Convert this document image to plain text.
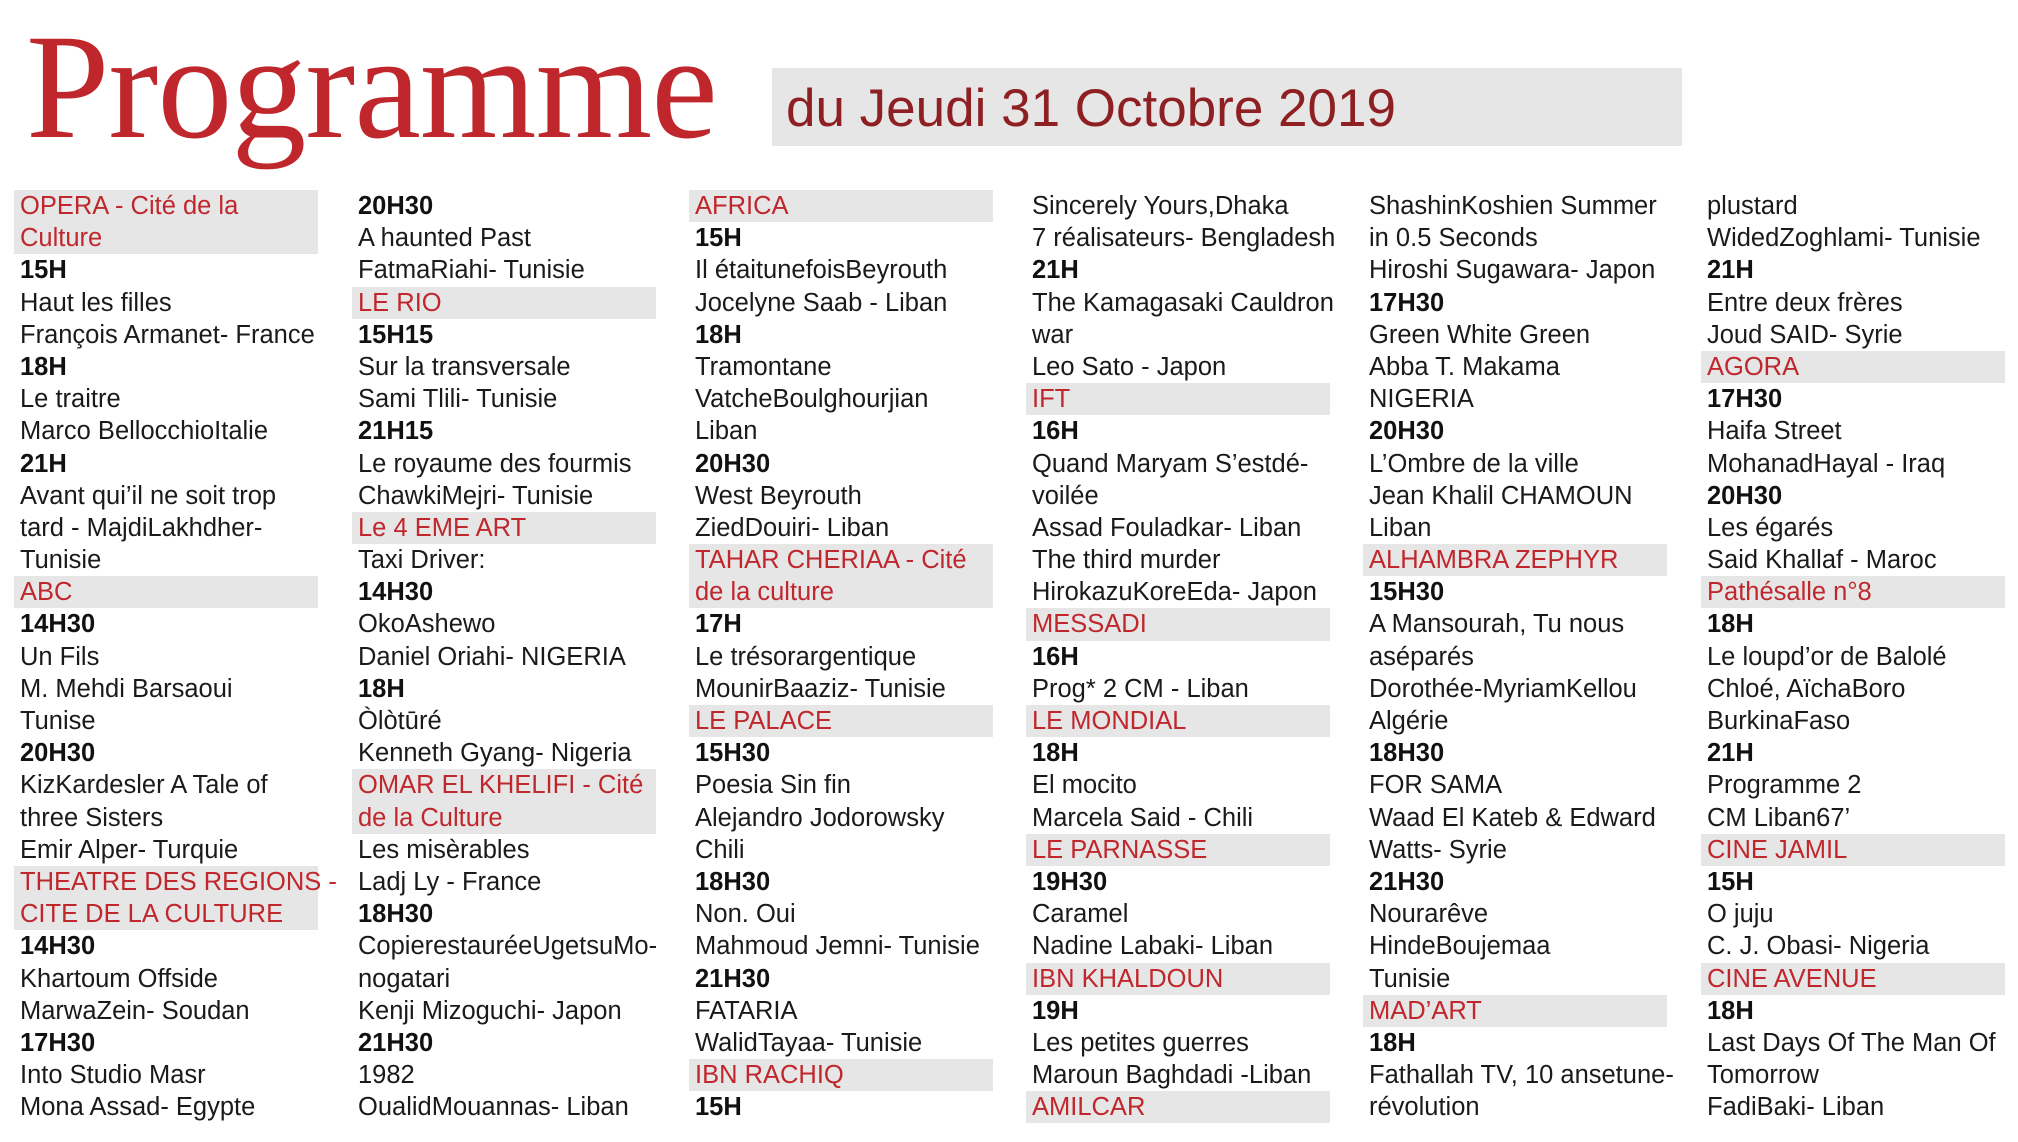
Programme du Jeudi 31 Octobre 2019
OPERA - Cité de la
Culture
15H
Haut les filles
François Armanet- France
18H
Le traitre
Marco BellocchioItalie
21H
Avant qui’il ne soit trop
tard - MajdiLakhdher-
Tunisie
ABC
14H30
Un Fils
M. Mehdi Barsaoui
Tunise
20H30
KizKardesler A Tale of
three Sisters
Emir Alper- Turquie
THEATRE DES REGIONS -
CITE DE LA CULTURE
14H30
Khartoum Offside
MarwaZein- Soudan
17H30
Into Studio Masr
Mona Assad- Egypte
20H30
A haunted Past
FatmaRiahi- Tunisie
LE RIO
15H15
Sur la transversale
Sami Tlili- Tunisie
21H15
Le royaume des fourmis
ChawkiMejri- Tunisie
Le 4 EME ART
Taxi Driver:
14H30
OkoAshewo
Daniel Oriahi- NIGERIA
18H
Òlòtūré
Kenneth Gyang- Nigeria
OMAR EL KHELIFI - Cité
de la Culture
Les misèrables
Ladj Ly - France
18H30
CopierestauréeUgetsuMo-
nogatari
Kenji Mizoguchi- Japon
21H30
1982
OualidMouannas- Liban
AFRICA
15H
Il étaitunefoisBeyrouth
Jocelyne Saab - Liban
18H
Tramontane
VatcheBoulghourjian
Liban
20H30
West Beyrouth
ZiedDouiri- Liban
TAHAR CHERIAA - Cité
de la culture
17H
Le trésorargentique
MounirBaaziz- Tunisie
LE PALACE
15H30
Poesia Sin fin
Alejandro Jodorowsky
Chili
18H30
Non. Oui
Mahmoud Jemni- Tunisie
21H30
FATARIA
WalidTayaa- Tunisie
IBN RACHIQ
15H
Sincerely Yours,Dhaka
7 réalisateurs- Bengladesh
21H
The Kamagasaki Cauldron
war
Leo Sato - Japon
IFT
16H
Quand Maryam S’estdé-
voilée
Assad Fouladkar- Liban
The third murder
HirokazuKoreEda- Japon
MESSADI
16H
Prog* 2 CM - Liban
LE MONDIAL
18H
El mocito
Marcela Said - Chili
LE PARNASSE
19H30
Caramel
Nadine Labaki- Liban
IBN KHALDOUN
19H
Les petites guerres
Maroun Baghdadi -Liban
AMILCAR
ShashinKoshien Summer
in 0.5 Seconds
Hiroshi Sugawara- Japon
17H30
Green White Green
Abba T. Makama
NIGERIA
20H30
L’Ombre de la ville
Jean Khalil CHAMOUN
Liban
ALHAMBRA ZEPHYR
15H30
A Mansourah, Tu nous
aséparés
Dorothée-MyriamKellou
Algérie
18H30
FOR SAMA
Waad El Kateb & Edward
Watts- Syrie
21H30
Nourarêve
HindeBoujemaa
Tunisie
MAD’ART
18H
Fathallah TV, 10 ansetune-
révolution
plustard
WidedZoghlami- Tunisie
21H
Entre deux frères
Joud SAID- Syrie
AGORA
17H30
Haifa Street
MohanadHayal - Iraq
20H30
Les égarés
Said Khallaf - Maroc
Pathésalle n°8
18H
Le loupd’or de Balolé
Chloé, AïchaBoro
BurkinaFaso
21H
Programme 2
CM Liban67’
CINE JAMIL
15H
O juju
C. J. Obasi- Nigeria
CINE AVENUE
18H
Last Days Of The Man Of
Tomorrow
FadiBaki- Liban
